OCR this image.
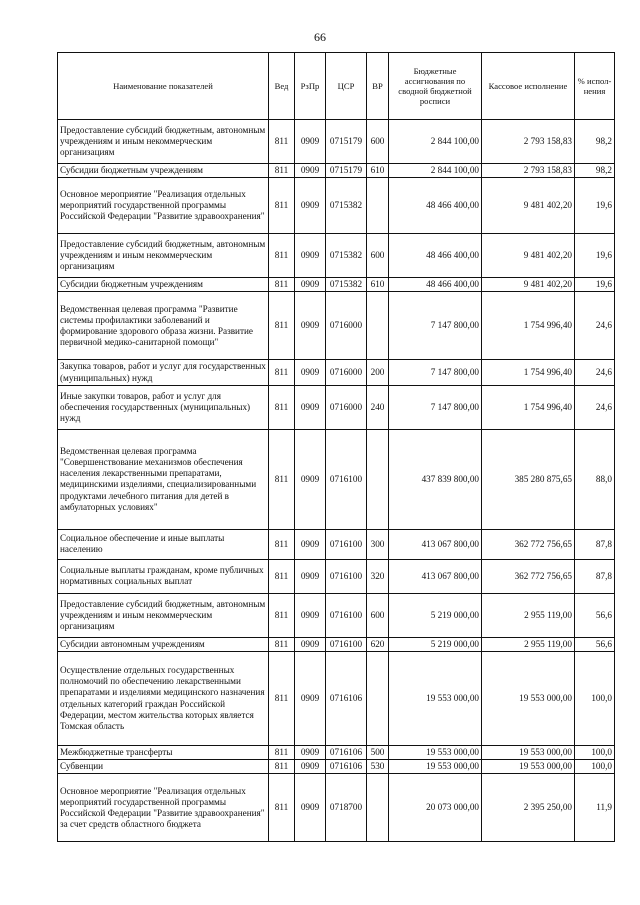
66
Наименование показателей	Вед	РзПр	ЦСР	ВР	Бюджетные ассигнования по сводной бюджетной росписи	Кассовое исполнение	% испол-нения
Предоставление субсидий бюджетным, автономным учреждениям и иным некоммерческим организациям	811	0909	0715179	600	2 844 100,00	2 793 158,83	98,2
Субсидии бюджетным учреждениям	811	0909	0715179	610	2 844 100,00	2 793 158,83	98,2
Основное мероприятие "Реализация отдельных мероприятий государственной программы Российской Федерации "Развитие здравоохранения"	811	0909	0715382		48 466 400,00	9 481 402,20	19,6
Предоставление субсидий бюджетным, автономным учреждениям и иным некоммерческим организациям	811	0909	0715382	600	48 466 400,00	9 481 402,20	19,6
Субсидии бюджетным учреждениям	811	0909	0715382	610	48 466 400,00	9 481 402,20	19,6
Ведомственная целевая программа "Развитие системы профилактики заболеваний и формирование здорового образа жизни. Развитие первичной медико-санитарной помощи"	811	0909	0716000		7 147 800,00	1 754 996,40	24,6
Закупка товаров, работ и услуг для государственных (муниципальных) нужд	811	0909	0716000	200	7 147 800,00	1 754 996,40	24,6
Иные закупки товаров, работ и услуг для обеспечения государственных (муниципальных) нужд	811	0909	0716000	240	7 147 800,00	1 754 996,40	24,6
Ведомственная целевая программа "Совершенствование механизмов обеспечения населения лекарственными препаратами, медицинскими изделиями, специализированными продуктами лечебного питания для детей в амбулаторных условиях"	811	0909	0716100		437 839 800,00	385 280 875,65	88,0
Социальное обеспечение и иные выплаты населению	811	0909	0716100	300	413 067 800,00	362 772 756,65	87,8
Социальные выплаты гражданам, кроме публичных нормативных социальных выплат	811	0909	0716100	320	413 067 800,00	362 772 756,65	87,8
Предоставление субсидий бюджетным, автономным учреждениям и иным некоммерческим организациям	811	0909	0716100	600	5 219 000,00	2 955 119,00	56,6
Субсидии автономным учреждениям	811	0909	0716100	620	5 219 000,00	2 955 119,00	56,6
Осуществление отдельных государственных полномочий по обеспечению лекарственными препаратами и изделиями медицинского назначения отдельных категорий граждан Российской Федерации, местом жительства которых является Томская область	811	0909	0716106		19 553 000,00	19 553 000,00	100,0
Межбюджетные трансферты	811	0909	0716106	500	19 553 000,00	19 553 000,00	100,0
Субвенции	811	0909	0716106	530	19 553 000,00	19 553 000,00	100,0
Основное мероприятие "Реализация отдельных мероприятий государственной программы Российской Федерации "Развитие здравоохранения" за счет средств областного бюджета	811	0909	0718700		20 073 000,00	2 395 250,00	11,9
